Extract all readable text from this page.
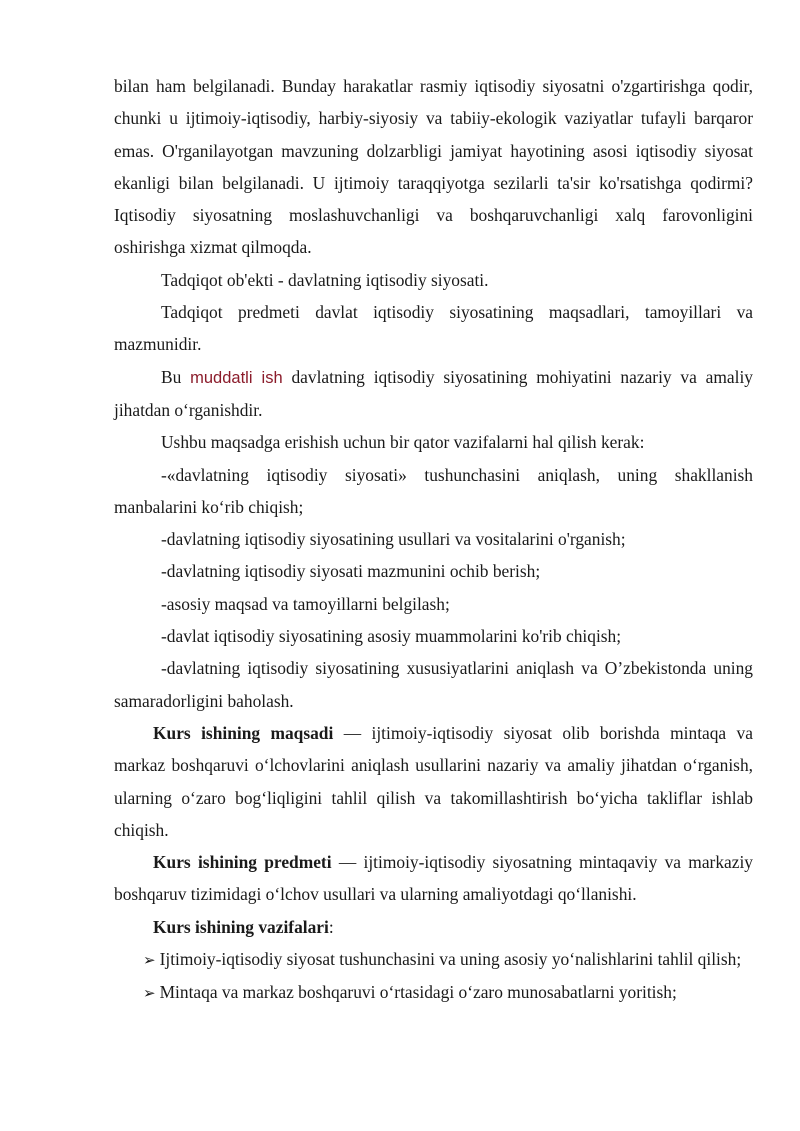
bilan ham belgilanadi. Bunday harakatlar rasmiy iqtisodiy siyosatni o'zgartirishga qodir, chunki u ijtimoiy-iqtisodiy, harbiy-siyosiy va tabiiy-ekologik vaziyatlar tufayli barqaror emas. O'rganilayotgan mavzuning dolzarbligi jamiyat hayotining asosi iqtisodiy siyosat ekanligi bilan belgilanadi. U ijtimoiy taraqqiyotga sezilarli ta'sir ko'rsatishga qodirmi? Iqtisodiy siyosatning moslashuvchanligi va boshqaruvchanligi xalq farovonligini oshirishga xizmat qilmoqda.

Tadqiqot ob'ekti - davlatning iqtisodiy siyosati.

Tadqiqot predmeti davlat iqtisodiy siyosatining maqsadlari, tamoyillari va mazmunidir.

Bu muddatli ish davlatning iqtisodiy siyosatining mohiyatini nazariy va amaliy jihatdan o‘rganishdir.

Ushbu maqsadga erishish uchun bir qator vazifalarni hal qilish kerak:

-«davlatning iqtisodiy siyosati» tushunchasini aniqlash, uning shakllanish manbalarini ko‘rib chiqish;

-davlatning iqtisodiy siyosatining usullari va vositalarini o'rganish;

-davlatning iqtisodiy siyosati mazmunini ochib berish;

-asosiy maqsad va tamoyillarni belgilash;

-davlat iqtisodiy siyosatining asosiy muammolarini ko'rib chiqish;

-davlatning iqtisodiy siyosatining xususiyatlarini aniqlash va O’zbekistonda uning samaradorligini baholash.

Kurs ishining maqsadi — ijtimoiy-iqtisodiy siyosat olib borishda mintaqa va markaz boshqaruvi o‘lchovlarini aniqlash usullarini nazariy va amaliy jihatdan o‘rganish, ularning o‘zaro bog‘liqligini tahlil qilish va takomillashtirish bo‘yicha takliflar ishlab chiqish.

Kurs ishining predmeti — ijtimoiy-iqtisodiy siyosatning mintaqaviy va markaziy boshqaruv tizimidagi o‘lchov usullari va ularning amaliyotdagi qo‘llanishi.

Kurs ishining vazifalari:

➢ Ijtimoiy-iqtisodiy siyosat tushunchasini va uning asosiy yo‘nalishlarini tahlil qilish;

➢ Mintaqa va markaz boshqaruvi o‘rtasidagi o‘zaro munosabatlarni yoritish;
